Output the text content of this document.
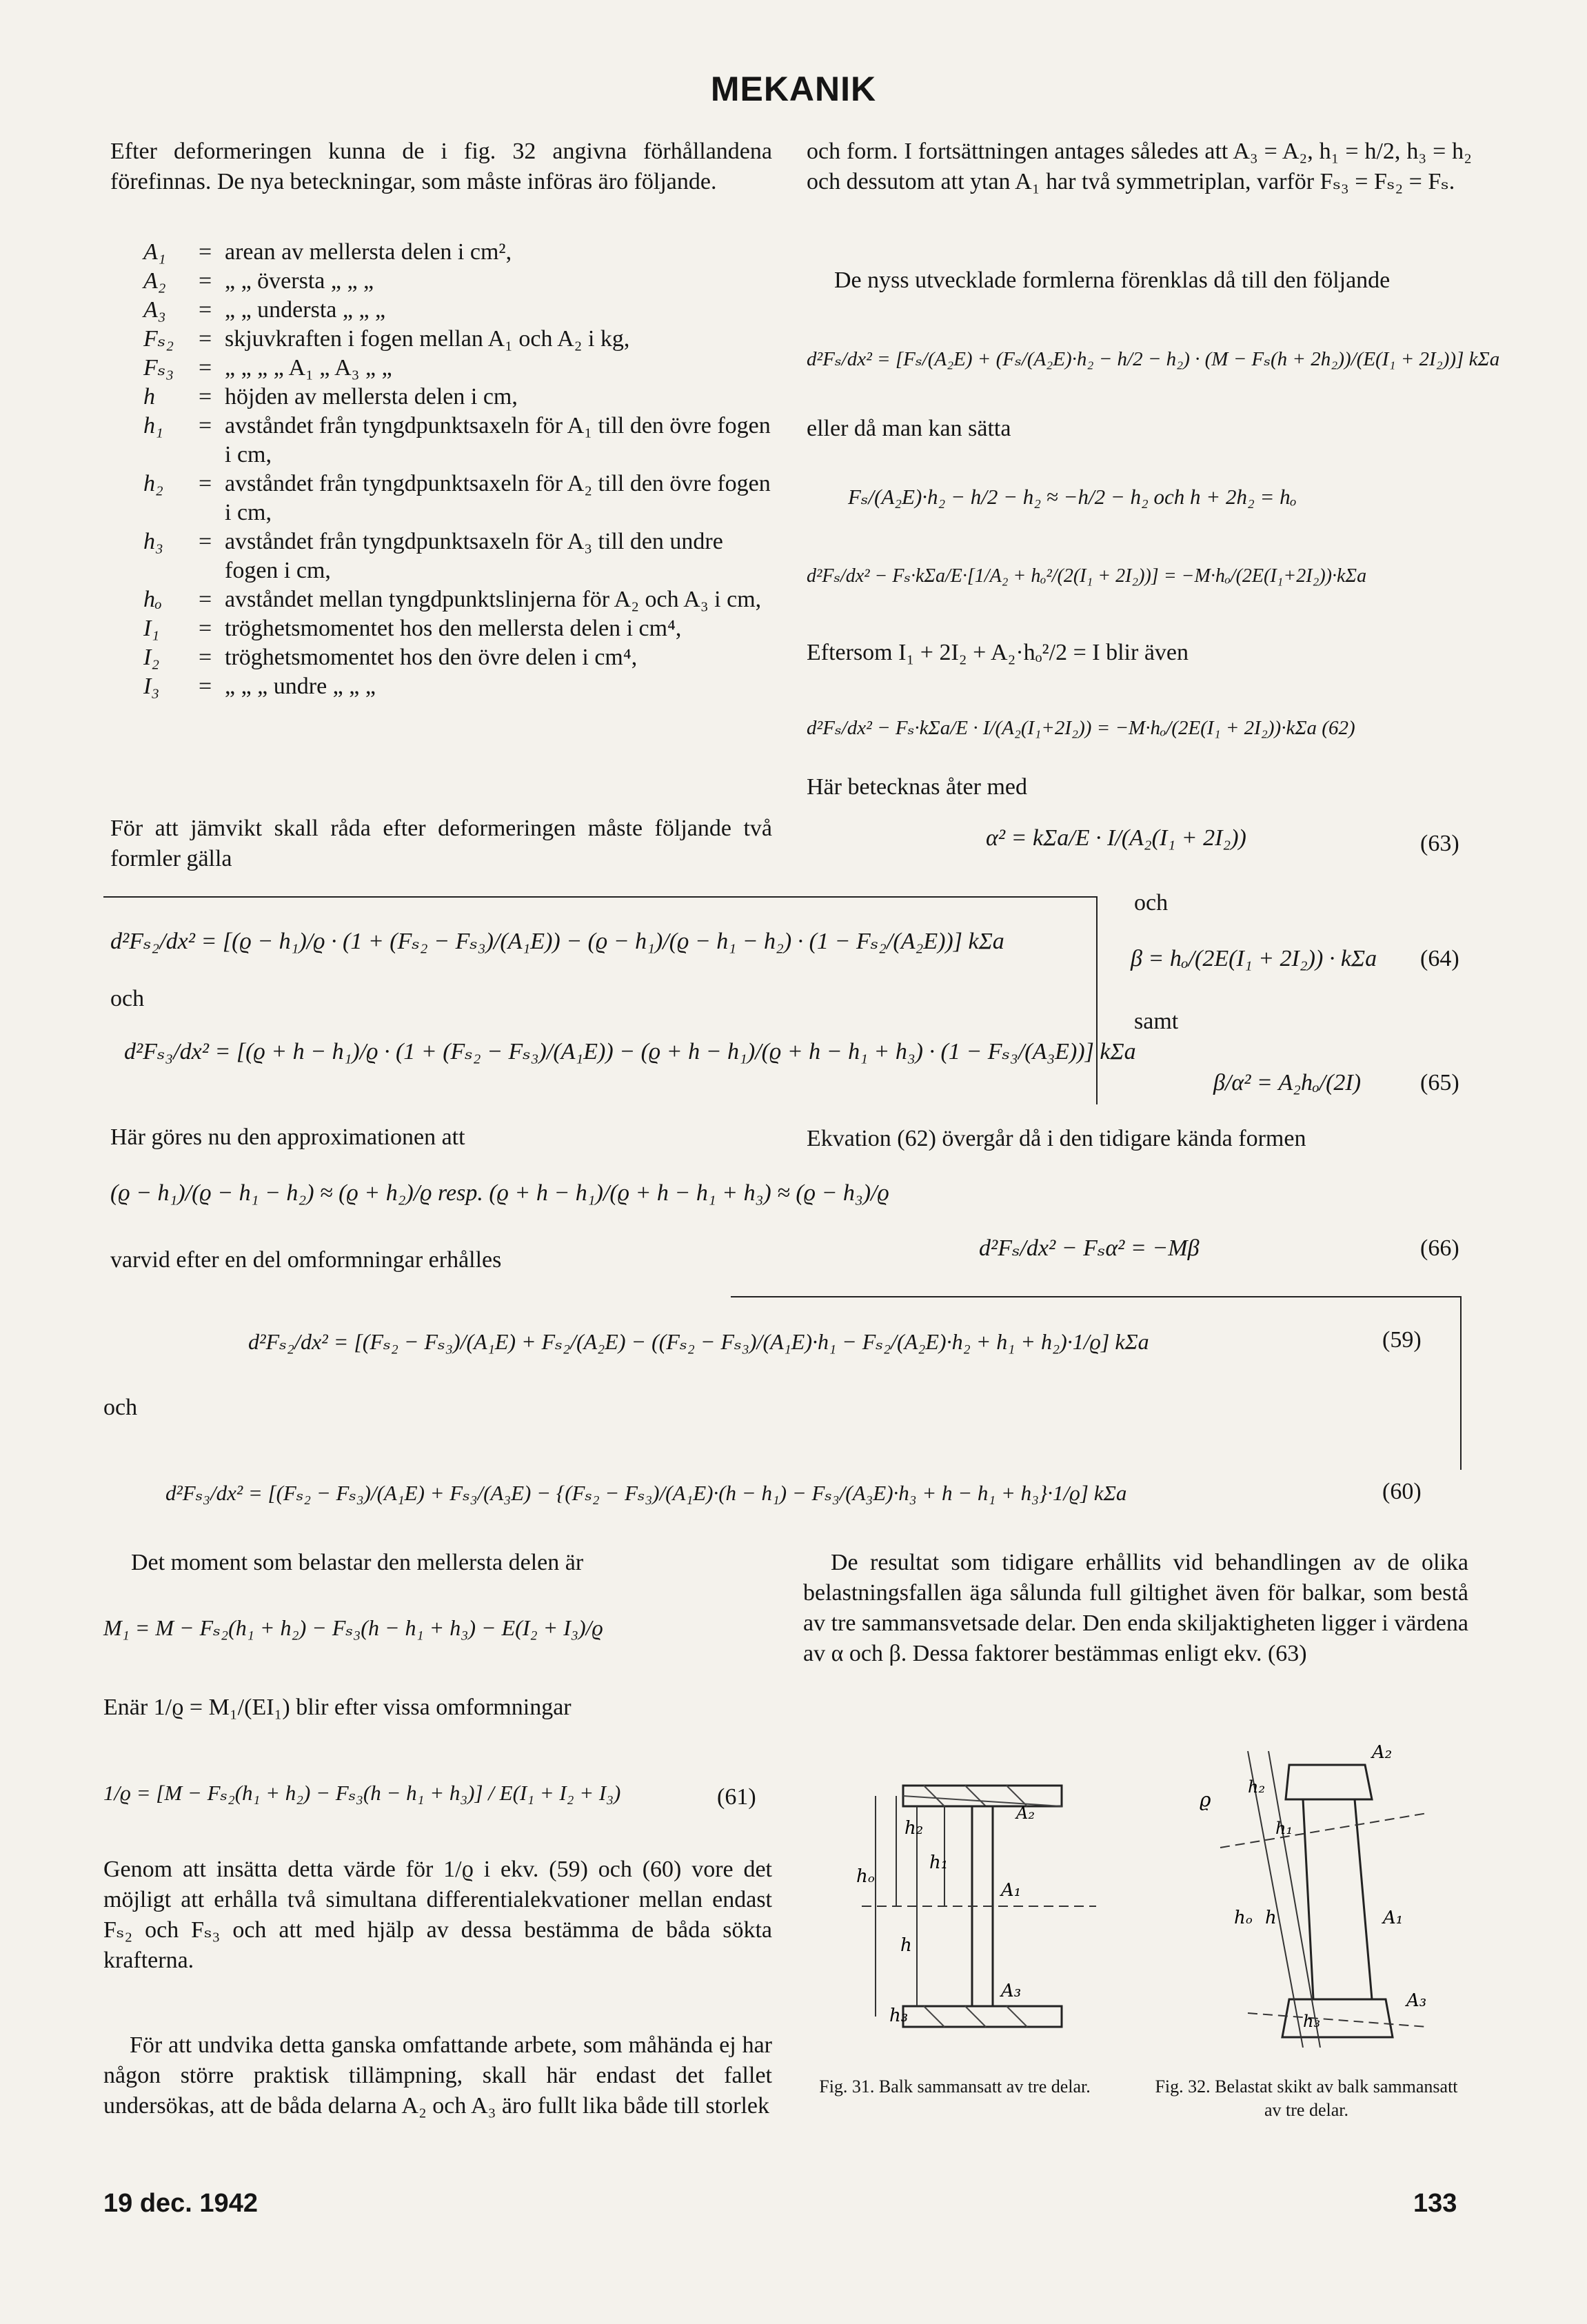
MEKANIK

Efter deformeringen kunna de i fig. 32 angivna förhållandena förefinnas. De nya beteckningar, som måste införas äro följande.

A₁	= arean av mellersta delen i cm²,
A₂	= „ „ översta „ „ „
A₃	= „ „ understa „ „ „
Fₛ₂	= skjuvkraften i fogen mellan A₁ och A₂ i kg,
Fₛ₃	= „ „ „ „ A₁ „ A₃ „ „
h	= höjden av mellersta delen i cm,
h₁	= avståndet från tyngdpunktsaxeln för A₁ till den övre fogen i cm,
h₂	= avståndet från tyngdpunktsaxeln för A₂ till den övre fogen i cm,
h₃	= avståndet från tyngdpunktsaxeln för A₃ till den undre fogen i cm,
hₒ	= avståndet mellan tyngdpunktslinjerna för A₂ och A₃ i cm,
I₁	= tröghetsmomentet hos den mellersta delen i cm⁴,
I₂	= tröghetsmomentet hos den övre delen i cm⁴,
I₃	= „ „ „ undre „ „ „

För att jämvikt skall råda efter deformeringen måste följande två formler gälla

d²Fₛ₂/dx² = [(ϱ − h₁)/ϱ · (1 + (Fₛ₂ − Fₛ₃)/(A₁E)) − (ϱ − h₁)/(ϱ − h₁ − h₂) · (1 − Fₛ₂/(A₂E))] kΣa
och
d²Fₛ₃/dx² = [(ϱ + h − h₁)/ϱ · (1 + (Fₛ₂ − Fₛ₃)/(A₁E)) − (ϱ + h − h₁)/(ϱ + h − h₁ + h₃) · (1 − Fₛ₃/(A₃E))] kΣa

Här göres nu den approximationen att

(ϱ − h₁)/(ϱ − h₁ − h₂) ≈ (ϱ + h₂)/ϱ resp. (ϱ + h − h₁)/(ϱ + h − h₁ + h₃) ≈ (ϱ − h₃)/ϱ

varvid efter en del omformningar erhålles

d²Fₛ₂/dx² = [(Fₛ₂ − Fₛ₃)/(A₁E) + Fₛ₂/(A₂E) − ((Fₛ₂ − Fₛ₃)/(A₁E)·h₁ − Fₛ₂/(A₂E)·h₂ + h₁ + h₂)·1/ϱ] kΣa	(59)
och
d²Fₛ₃/dx² = [(Fₛ₂ − Fₛ₃)/(A₁E) + Fₛ₃/(A₃E) − {(Fₛ₂ − Fₛ₃)/(A₁E)·(h − h₁) − Fₛ₃/(A₃E)·h₃ + h − h₁ + h₃}·1/ϱ] kΣa	(60)

Det moment som belastar den mellersta delen är

M₁ = M − Fₛ₂(h₁ + h₂) − Fₛ₃(h − h₁ + h₃) − E(I₂ + I₃)/ϱ

Enär 1/ϱ = M₁/(EI₁) blir efter vissa omformningar

1/ϱ = [M − Fₛ₂(h₁ + h₂) − Fₛ₃(h − h₁ + h₃)] / E(I₁ + I₂ + I₃)	(61)

Genom att insätta detta värde för 1/ϱ i ekv. (59) och (60) vore det möjligt att erhålla två simultana differentialekvationer mellan endast Fₛ₂ och Fₛ₃ och att med hjälp av dessa bestämma de båda sökta krafterna.

För att undvika detta ganska omfattande arbete, som måhända ej har någon större praktisk tillämpning, skall här endast det fallet undersökas, att de båda delarna A₂ och A₃ äro fullt lika både till storlek

och form. I fortsättningen antages således att A₃ = A₂, h₁ = h/2, h₃ = h₂ och dessutom att ytan A₁ har två symmetriplan, varför Fₛ₃ = Fₛ₂ = Fₛ.

De nyss utvecklade formlerna förenklas då till den följande

d²Fₛ/dx² = [Fₛ/(A₂E) + (Fₛ/(A₂E)·h₂ − h/2 − h₂) · (M − Fₛ(h + 2h₂))/(E(I₁ + 2I₂))] kΣa

eller då man kan sätta

Fₛ/(A₂E)·h₂ − h/2 − h₂ ≈ −h/2 − h₂ och h + 2h₂ = hₒ
d²Fₛ/dx² − Fₛ·kΣa/E·[1/A₂ + hₒ²/(2(I₁ + 2I₂))] = −M·hₒ/(2E(I₁+2I₂))·kΣa

Eftersom I₁ + 2I₂ + A₂·hₒ²/2 = I blir även

d²Fₛ/dx² − Fₛ·kΣa/E · I/(A₂(I₁+2I₂)) = −M·hₒ/(2E(I₁ + 2I₂))·kΣa (62)

Här betecknas åter med

α² = kΣa/E · I/(A₂(I₁ + 2I₂))	(63)

och

β = hₒ/(2E(I₁ + 2I₂)) · kΣa (64)

samt

β/α² = A₂hₒ/(2I)	(65)

Ekvation (62) övergår då i den tidigare kända formen

d²Fₛ/dx² − Fₛα² = −Mβ	(66)

De resultat som tidigare erhållits vid behandlingen av de olika belastningsfallen äga sålunda full giltighet även för balkar, som bestå av tre sammansvetsade delar. Den enda skiljaktigheten ligger i värdena av α och β. Dessa faktorer bestämmas enligt ekv. (63)

h₂
A₂
h₁
hₒ
A₁
h
A₃
h₃
Fig. 31. Balk sammansatt av tre delar.
A₂
ϱ
h₂
h₁
hₒ h	A₁
A₃
h₃
Fig. 32. Belastat skikt av balk sammansatt av tre delar.
19 dec. 1942	133
